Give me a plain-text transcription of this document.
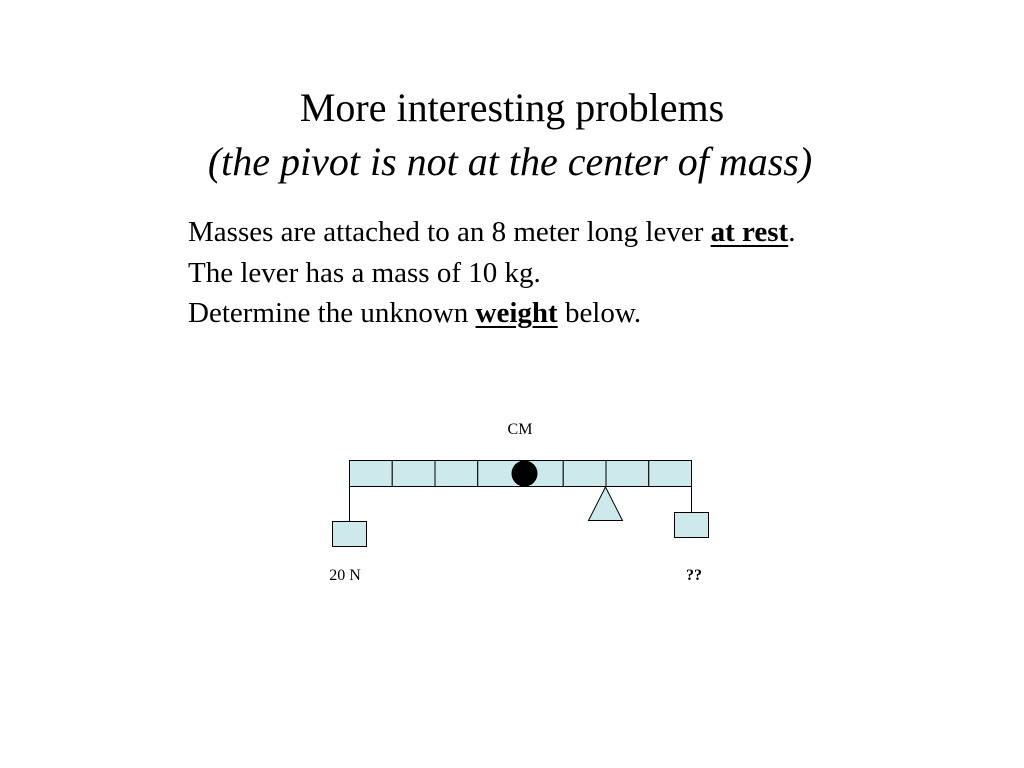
More interesting problems
(the pivot is not at the center of mass)
Masses are attached to an 8 meter long lever at rest.
The lever has a mass of 10 kg.
Determine the unknown weight below.
CM
20 N	??
